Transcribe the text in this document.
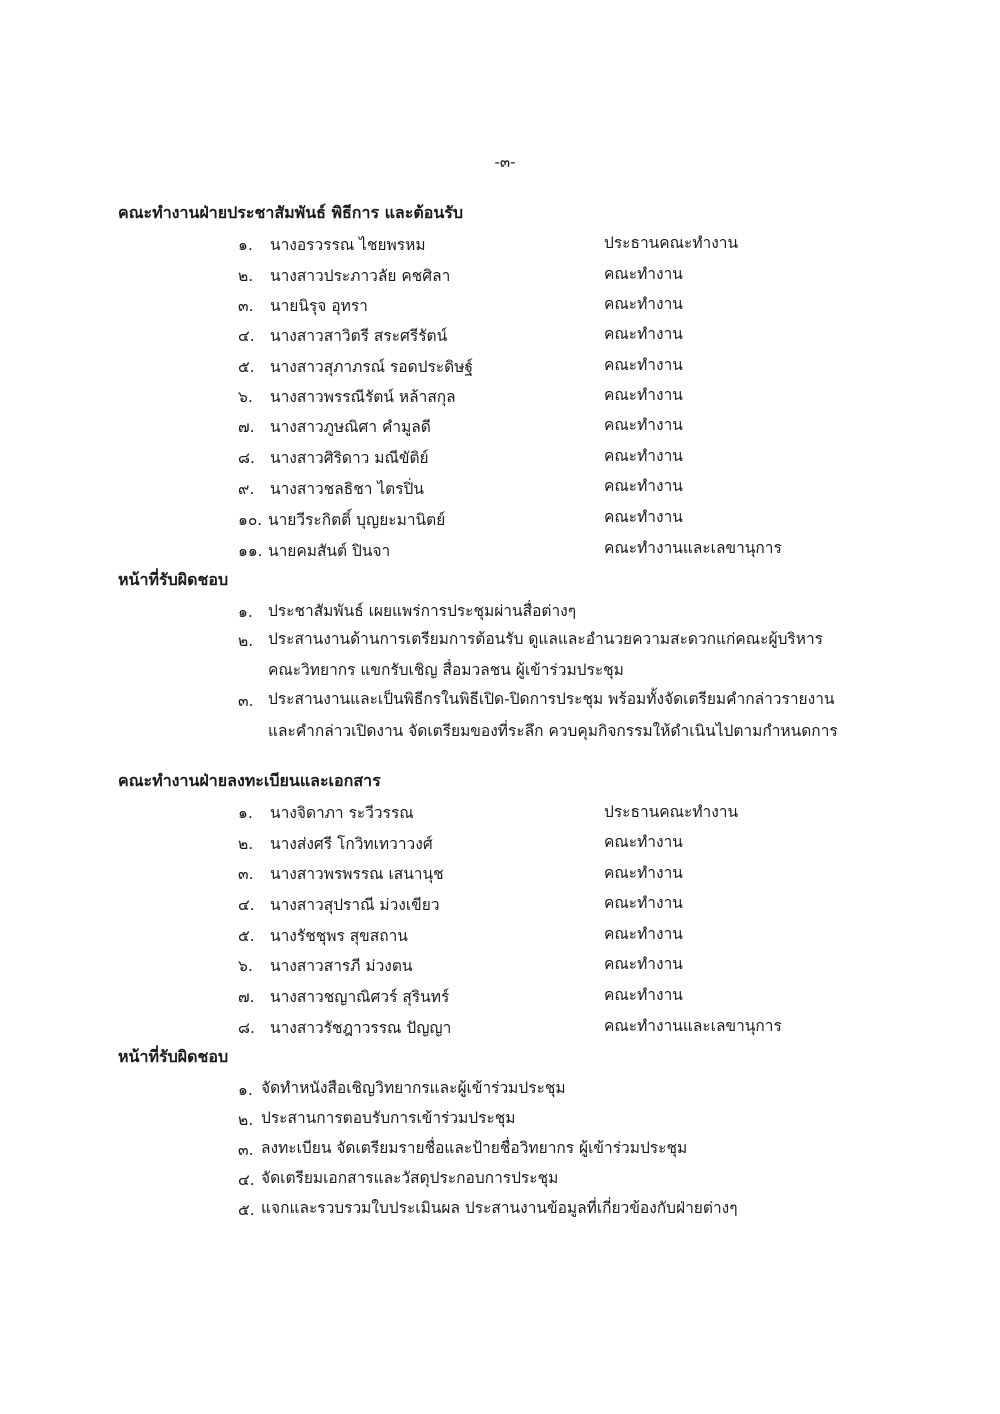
-๓-
คณะทำงานฝ่ายประชาสัมพันธ์ พิธีการ และต้อนรับ
๑. นางอรวรรณ ไชยพรหม	ประธานคณะทำงาน
๒. นางสาวประภาวลัย คชศิลา	คณะทำงาน
๓. นายนิรุจ อุทรา	คณะทำงาน
๔. นางสาวสาวิตรี สระศรีรัตน์	คณะทำงาน
๕. นางสาวสุภาภรณ์ รอดประดิษฐ์	คณะทำงาน
๖. นางสาวพรรณีรัตน์ หล้าสกุล	คณะทำงาน
๗. นางสาวภูษณิศา คำมูลดี	คณะทำงาน
๘. นางสาวศิริดาว มณีขัติย์	คณะทำงาน
๙. นางสาวชลธิชา ไตรปิ่น	คณะทำงาน
๑๐. นายวีระกิตติ์ บุญยะมานิตย์	คณะทำงาน
๑๑. นายคมสันต์ ปินจา	คณะทำงานและเลขานุการ
หน้าที่รับผิดชอบ
๑. ประชาสัมพันธ์ เผยแพร่การประชุมผ่านสื่อต่างๆ
๒. ประสานงานด้านการเตรียมการต้อนรับ ดูแลและอำนวยความสะดวกแก่คณะผู้บริหาร
คณะวิทยากร แขกรับเชิญ สื่อมวลชน ผู้เข้าร่วมประชุม
๓. ประสานงานและเป็นพิธีกรในพิธีเปิด-ปิดการประชุม พร้อมทั้งจัดเตรียมคำกล่าวรายงาน
และคำกล่าวเปิดงาน จัดเตรียมของที่ระลึก ควบคุมกิจกรรมให้ดำเนินไปตามกำหนดการ
คณะทำงานฝ่ายลงทะเบียนและเอกสาร
๑. นางจิดาภา ระวีวรรณ	ประธานคณะทำงาน
๒. นางส่งศรี โกวิทเทวาวงศ์	คณะทำงาน
๓. นางสาวพรพรรณ เสนานุช	คณะทำงาน
๔. นางสาวสุปราณี ม่วงเขียว	คณะทำงาน
๕. นางรัชชุพร สุขสถาน	คณะทำงาน
๖. นางสาวสารภี ม่วงตน	คณะทำงาน
๗. นางสาวชญาณิศวร์ สุรินทร์	คณะทำงาน
๘. นางสาวรัชฎาวรรณ ปัญญา	คณะทำงานและเลขานุการ
หน้าที่รับผิดชอบ
๑. จัดทำหนังสือเชิญวิทยากรและผู้เข้าร่วมประชุม
๒. ประสานการตอบรับการเข้าร่วมประชุม
๓. ลงทะเบียน จัดเตรียมรายชื่อและป้ายชื่อวิทยากร ผู้เข้าร่วมประชุม
๔. จัดเตรียมเอกสารและวัสดุประกอบการประชุม
๕. แจกและรวบรวมใบประเมินผล ประสานงานข้อมูลที่เกี่ยวข้องกับฝ่ายต่างๆ
